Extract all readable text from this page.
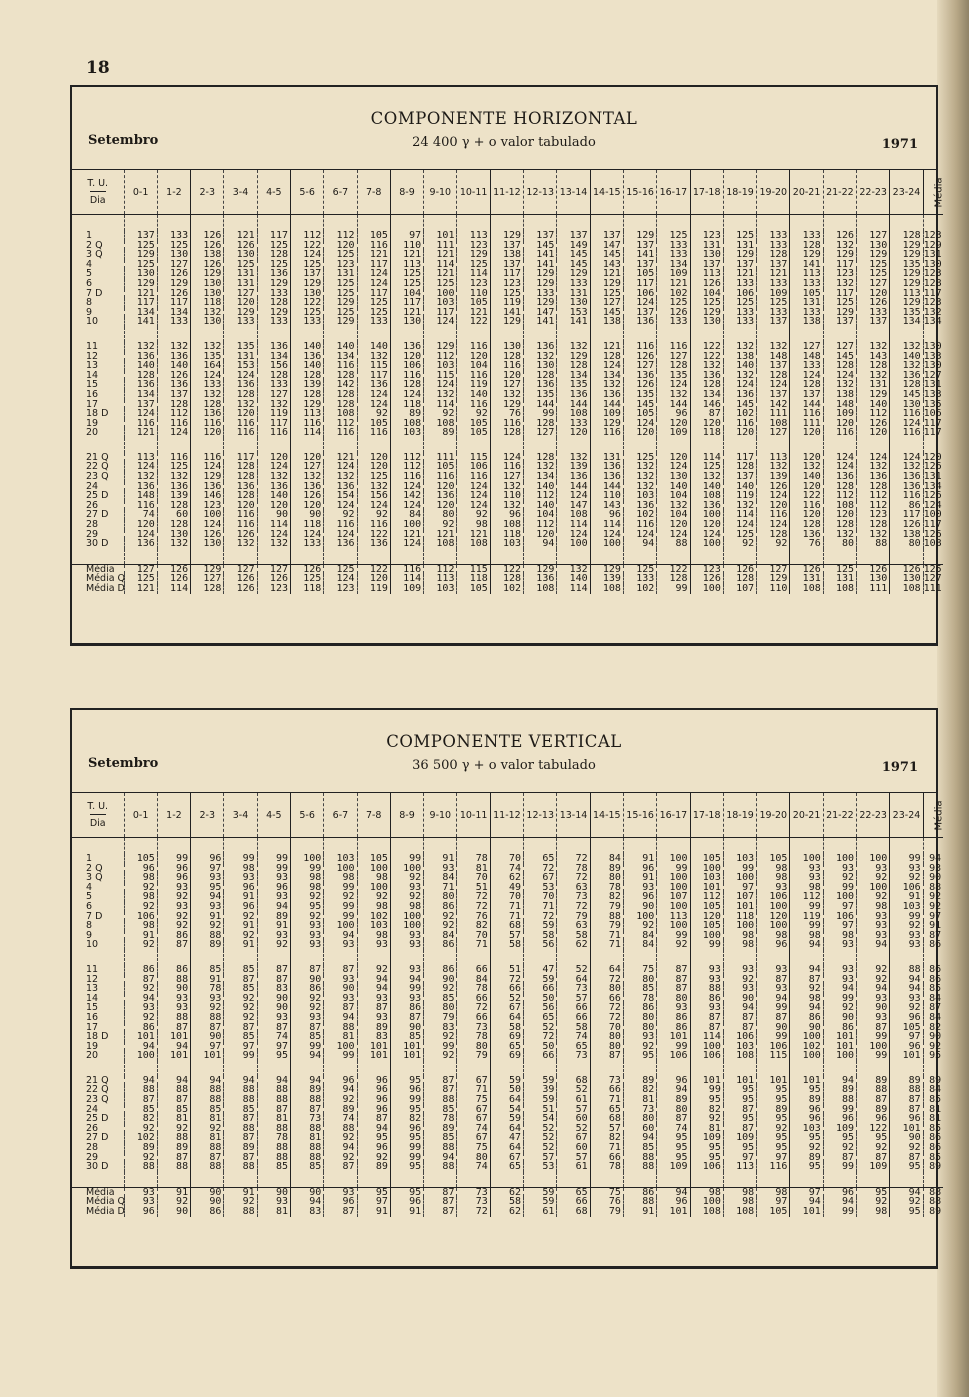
18
COMPONENTE HORIZONTAL
24 400 γ + o valor tabulado
Setembro	1971
T. U.
Dia	0-1	1-2	2-3	3-4	4-5	5-6	6-7	7-8	8-9	9-10	10-11	11-12	12-13	13-14	14-15	15-16	16-17	17-18	18-19	19-20	20-21	21-22	22-23	23-24	Média

1	137	133	126	121	117	112	112	105	97	101	113	129	137	137	137	129	125	123	125	133	133	126	127	128	123
2 Q	125	125	126	126	125	122	120	116	110	111	123	137	145	149	147	137	133	131	131	133	128	132	130	129	129
3 Q	129	130	138	130	128	124	125	121	121	121	129	138	141	145	145	141	133	130	129	128	129	129	129	129	131
4	125	127	126	125	125	125	123	117	113	114	125	137	141	145	143	137	134	137	137	137	141	117	125	135	130
5	130	126	129	131	136	137	131	124	125	121	114	117	129	129	121	105	109	113	121	121	113	123	125	129	123
6	129	129	130	131	129	129	125	124	125	125	123	123	129	133	129	117	121	126	133	133	133	132	127	129	128
7 D	121	126	130	127	133	130	125	117	104	100	110	125	133	131	125	106	102	104	106	109	105	117	120	113	117
8	117	117	118	120	128	122	129	125	117	103	105	119	129	130	127	124	125	125	125	125	131	125	126	129	123
9	134	134	132	129	129	125	125	125	121	117	121	141	147	153	145	137	126	129	133	133	133	129	133	135	132
10	141	133	130	133	133	133	129	133	130	124	122	129	141	141	138	136	133	130	133	137	138	137	137	134	134

11	132	132	132	135	136	140	140	140	136	129	116	130	136	132	121	116	116	122	132	132	127	127	132	132	130
12	136	136	135	131	134	136	134	132	120	112	120	128	132	129	128	126	127	122	138	148	148	145	143	140	133
13	140	140	164	153	156	140	116	115	106	103	104	116	130	128	124	127	128	132	140	137	133	128	128	132	130
14	128	126	124	124	128	128	128	117	116	115	116	120	128	134	134	136	135	136	132	128	124	124	132	136	127
15	136	136	133	136	133	139	142	136	128	124	119	127	136	135	132	126	124	128	124	124	128	132	131	128	131
16	134	137	132	128	127	128	128	124	124	132	140	132	135	136	136	135	132	134	136	137	137	138	129	145	133
17	137	128	128	132	132	129	128	124	118	114	116	129	144	144	144	145	144	146	145	142	144	148	140	130	135
18 D	124	112	136	120	119	113	108	92	89	92	92	76	99	108	109	105	96	87	102	111	116	109	112	116	106
19	116	116	116	116	117	116	112	105	108	108	105	116	128	133	129	124	120	120	116	108	111	120	126	124	117
20	121	124	120	116	116	114	116	116	103	89	105	128	127	120	116	120	109	118	120	127	120	116	120	116	117

21 Q	113	116	116	117	120	120	121	120	112	111	115	124	128	132	131	125	120	114	117	113	120	124	124	124	120
22 Q	124	125	124	128	124	127	124	120	112	105	106	116	132	139	136	132	124	125	128	132	132	124	132	132	126
23 Q	132	132	129	128	132	132	132	125	116	116	116	127	134	136	136	132	130	132	137	139	140	136	136	136	131
24	136	136	136	136	136	136	136	132	124	120	124	132	140	144	144	132	140	140	140	126	120	128	128	136	134
25 D	148	139	146	128	140	126	154	156	142	136	124	110	112	124	110	103	104	108	119	124	122	112	112	116	126
26	116	128	123	120	120	120	124	124	124	120	124	132	140	147	143	136	132	136	132	120	116	108	112	86	124
27 D	74	60	100	116	90	90	92	92	84	80	92	96	104	108	96	102	104	100	114	116	120	120	123	117	100
28	120	128	124	116	114	118	116	116	100	92	98	108	112	114	114	116	120	120	124	124	128	128	128	126	117
29	124	130	126	126	124	124	124	122	121	121	121	118	120	124	124	124	124	124	125	128	136	132	132	138	126
30 D	136	132	130	132	132	133	136	136	124	108	108	103	94	100	100	94	88	100	92	92	76	80	88	80	108

Média	127	126	129	127	127	126	125	122	116	112	115	122	129	132	129	125	122	123	126	127	126	125	126	126	125
Média Q	125	126	127	126	126	125	124	120	114	113	118	128	136	140	139	133	128	126	128	129	131	131	130	130	127
Média D	121	114	128	126	123	118	123	119	109	103	105	102	108	114	108	102	99	100	107	110	108	108	111	108	111
COMPONENTE VERTICAL
36 500 γ + o valor tabulado
Setembro	1971
T. U.
Dia	0-1	1-2	2-3	3-4	4-5	5-6	6-7	7-8	8-9	9-10	10-11	11-12	12-13	13-14	14-15	15-16	16-17	17-18	18-19	19-20	20-21	21-22	22-23	23-24	Média

1	105	99	96	99	99	100	103	105	99	91	78	70	65	72	84	91	100	105	103	105	100	100	100	99	94
2 Q	96	96	97	98	99	99	100	100	100	93	81	74	72	78	89	96	99	100	99	98	93	93	93	93	93
3 Q	98	96	93	93	93	98	98	98	92	84	70	62	67	72	80	91	100	103	100	98	93	92	92	92	90
4	92	93	95	96	96	98	99	100	93	71	51	49	53	63	78	93	100	101	97	93	98	99	100	106	88
5	98	92	94	91	93	92	92	92	92	80	72	70	70	73	82	96	107	112	107	106	112	100	92	91	92
6	92	93	93	96	94	95	99	98	98	86	72	71	71	72	79	90	100	105	101	100	99	97	98	103	92
7 D	106	92	91	92	89	92	99	102	100	92	76	71	72	79	88	100	113	120	118	120	119	106	93	99	97
8	98	92	92	91	91	93	100	103	100	92	82	68	59	63	79	92	100	105	100	100	99	97	93	92	91
9	91	86	88	92	93	93	94	98	93	84	70	57	58	58	71	84	99	100	98	98	98	98	93	93	87
10	92	87	89	91	92	93	93	93	93	86	71	58	56	62	71	84	92	99	98	96	94	93	94	93	86

11	86	86	85	85	87	87	87	92	93	86	66	51	47	52	64	75	87	93	93	93	94	93	92	88	86
12	87	88	91	87	87	90	93	94	94	90	84	72	59	64	72	80	87	93	92	87	87	93	92	94	86
13	92	90	78	85	83	86	90	94	99	92	78	66	66	73	80	85	87	88	93	93	92	94	94	94	85
14	94	93	93	92	90	92	93	93	93	85	66	52	50	57	66	78	80	86	90	94	98	99	93	93	84
15	93	93	92	92	90	92	87	87	86	80	72	67	56	66	72	86	93	93	94	99	94	92	90	92	87
16	92	88	88	92	93	93	94	93	87	79	66	64	65	66	72	80	86	87	87	87	86	90	93	96	84
17	86	87	87	87	87	87	88	89	90	83	73	58	52	58	70	80	86	87	87	90	90	86	87	105	82
18 D	101	101	90	85	74	85	81	83	85	92	78	69	72	74	80	93	101	114	106	99	100	101	99	97	90
19	94	94	97	97	97	99	100	101	101	99	80	65	50	65	80	92	99	100	103	106	102	101	100	96	92
20	100	101	101	99	95	94	99	101	101	92	79	69	66	73	87	95	106	106	108	115	100	100	99	101	95

21 Q	94	94	94	94	94	94	96	96	95	87	67	59	59	68	73	89	96	101	101	101	101	94	89	89	89
22 Q	88	88	88	88	88	89	94	96	96	87	71	50	39	52	66	82	94	99	95	95	95	89	88	88	84
23 Q	87	87	88	88	88	88	92	96	99	88	75	64	59	61	71	81	89	95	95	95	89	88	87	87	85
24	85	85	85	85	87	87	89	96	95	85	67	54	51	57	65	73	80	82	87	89	96	99	89	87	81
25 D	82	81	81	87	81	73	74	87	82	78	67	59	54	60	68	80	87	92	95	95	96	96	96	96	81
26	92	92	92	88	88	88	88	94	96	89	74	64	52	52	57	60	74	81	87	92	103	109	122	101	85
27 D	102	88	81	87	78	81	92	95	95	85	67	47	52	67	82	94	95	109	109	95	95	95	95	90	86
28	89	89	88	89	88	88	94	96	99	88	75	64	52	60	71	85	95	95	95	95	92	92	92	92	86
29	92	87	87	87	88	88	92	92	99	94	80	67	57	57	66	88	95	95	97	97	89	87	87	87	85
30 D	88	88	88	88	85	85	87	89	95	88	74	65	53	61	78	88	109	106	113	116	95	99	109	95	89

Média	93	91	90	91	90	90	93	95	95	87	73	62	59	65	75	86	94	98	98	98	97	96	95	94	88
Média Q	93	92	90	92	93	94	96	97	96	87	73	58	59	66	76	88	96	100	98	97	94	94	92	92	88
Média D	96	90	86	88	81	83	87	91	91	87	72	62	61	68	79	91	101	108	108	105	101	99	98	95	89
